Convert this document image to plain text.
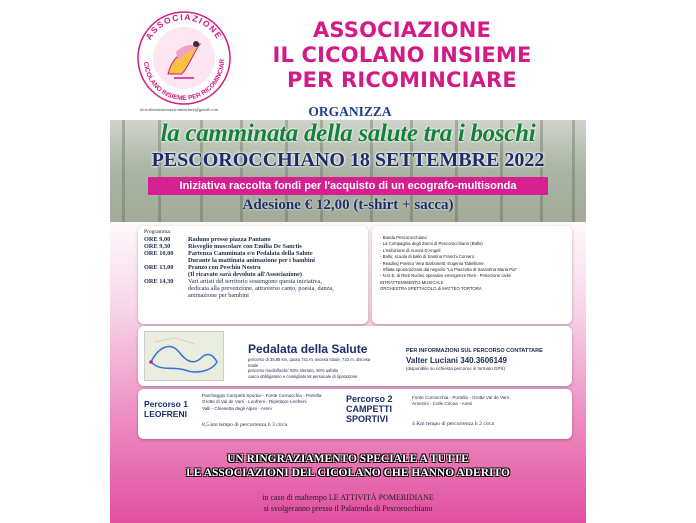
ASSOCIAZIONE
CICOLANO INSIEME PER RICOMINCIAR
ilcicolanoinsiemericominciare@gmail.com
ASSOCIAZIONE
IL CICOLANO INSIEME
PER RICOMINCIARE
ORGANIZZA
la camminata della salute tra i boschi
PESCOROCCHIANO 18 SETTEMBRE 2022
Iniziativa raccolta fondi per l'acquisto di un ecografo-multisonda
Adesione € 12,00 (t-shirt + sacca)
Programma:
ORE 9,00	Raduno presso piazza Pantano
ORE 9,30	Risveglio muscolare con Emilia De Sanctis
ORE 10,00	Partenza Camminata e/o Pedalata della Salute
Durante la mattinata animazione per i bambini
ORE 13,00	Pranzo con Peschiu Nostru
(Il ricavato sarà devoluto all'Associazione)
ORE 14,30	Vari artisti del territorio sostengono questa iniziativa,
dedicata alla prevenzione, attraverso canto, poesia, danza,
animazione per bambini
- Banda Pescorocchiano
- La Compagnia degli Zanni di Pescorocchiano (Ballo)
- L'esibizione di Aurora D'Angeli
- Ballo; scuola di ballo di Santina Franchi Corvaro
- Reading Poetico Vera Barbonetti, Eugenia Tabellione
- Sfilata sponsorizzata dal negozio "La Piazzetta di Saranhna Maria Pia"
- N.O.E. di Rieti Nucleo operativo emergenze Rieti - Protezione civile
INTRATTENIMENTO MUSICALE
ORCHESTRA SPETTACOLO di MATTEO TORTORA
Pedalata della Salute
percorso di 35,88 km, quota 741 m. ascesa totale, 733 m. discesa totale
percorso medio/facile: 50% sterrato, 50% asfalto
casco obbligatorio e consigliato kit personale di riparazione
PER INFORMAZIONI SUL PERCORSO CONTATTARE
Valter Luciani 340.3606149
(disponibile su richiesta percorso in formato GPX)
Percorso 1
LEOFRENI
Parcheggio Campetti Sportivi - Fonte Cornacchia - Portella
Grotte di Val de Varri - Leofreni - Ripetitore Leofreni
Valli - Chiesetta degli Alpini - Areni
8,5 km tempo di percorrenza h 3 circa
Percorso 2
CAMPETTI
SPORTIVI
Fonte Cornacchia - Portella - Grotte Val de Varri
Arnezini - Colle Circea - Areni
4 Km tempo di percorrenza h 2 circa
UN RINGRAZIAMENTO SPECIALE A TUTTE
LE ASSOCIAZIONI DEL CICOLANO CHE HANNO ADERITO
in caso di maltempo LE ATTIVITÀ POMERIDIANE
si svolgeranno presso il Palatenda di Pescorocchiano
